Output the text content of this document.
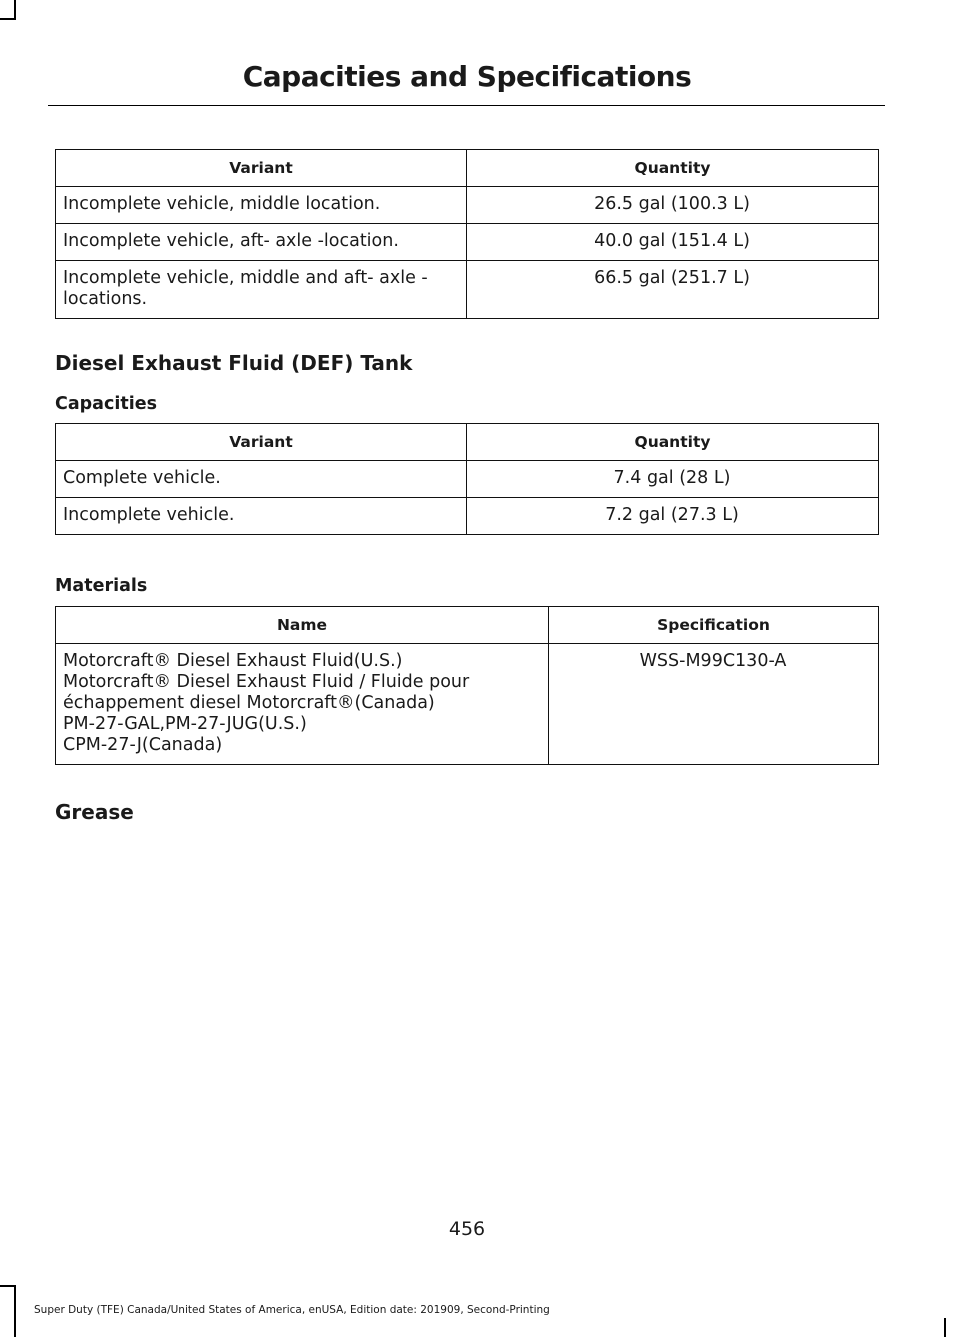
Capacities and Specifications
Variant	Quantity
Incomplete vehicle, middle location.	26.5 gal (100.3 L)
Incomplete vehicle, aft- axle -location.	40.0 gal (151.4 L)
Incomplete vehicle, middle and aft- axle -
locations.	66.5 gal (251.7 L)
Diesel Exhaust Fluid (DEF) Tank
Capacities
Variant	Quantity
Complete vehicle.	7.4 gal (28 L)
Incomplete vehicle.	7.2 gal (27.3 L)
Materials
Name	Specification
Motorcraft® Diesel Exhaust Fluid(U.S.)
Motorcraft® Diesel Exhaust Fluid / Fluide pour
échappement diesel Motorcraft®(Canada)
PM-27-GAL,PM-27-JUG(U.S.)
CPM-27-J(Canada)	WSS-M99C130-A
Grease
456
Super Duty (TFE) Canada/United States of America, enUSA, Edition date: 201909, Second-Printing
